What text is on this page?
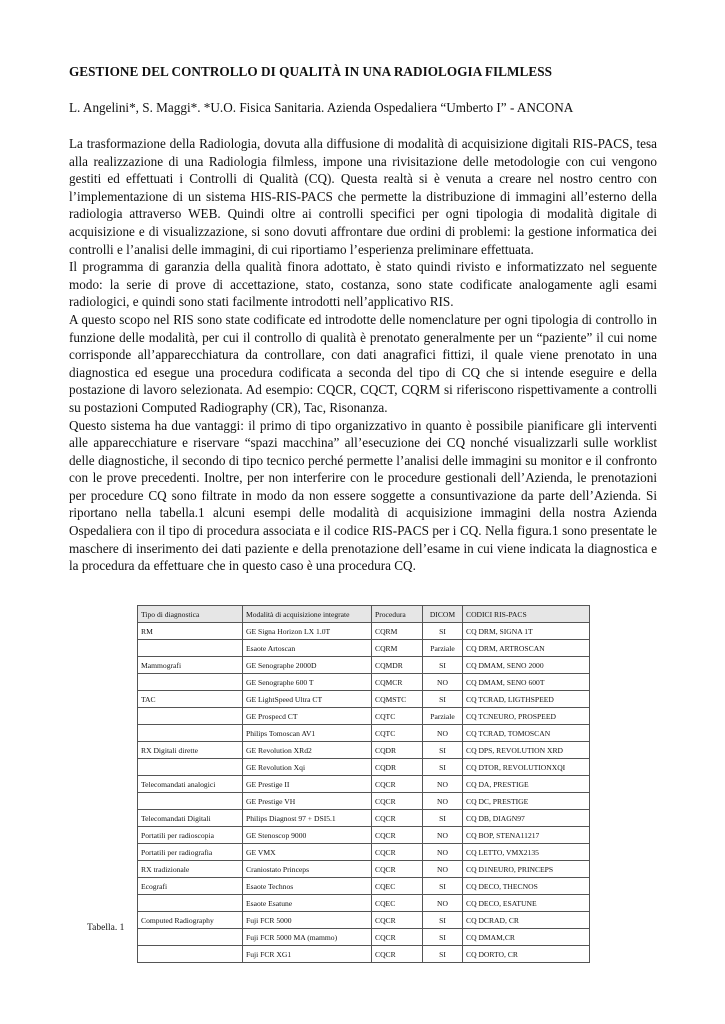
GESTIONE DEL CONTROLLO DI QUALITÀ IN UNA RADIOLOGIA FILMLESS
L. Angelini*, S. Maggi*. *U.O. Fisica Sanitaria. Azienda Ospedaliera “Umberto I” - ANCONA

La trasformazione della Radiologia, dovuta alla diffusione di modalità di acquisizione digitali RIS-PACS, tesa alla realizzazione di una Radiologia filmless, impone una rivisitazione delle metodologie con cui vengono gestiti ed effettuati i Controlli di Qualità (CQ). Questa realtà si è venuta a creare nel nostro centro con l’implementazione di un sistema HIS-RIS-PACS che permette la distribuzione di immagini all’esterno della radiologia attraverso WEB. Quindi oltre ai controlli specifici per ogni tipologia di modalità digitale di acquisizione e di visualizzazione, si sono dovuti affrontare due ordini di problemi: la gestione informatica dei controlli e l’analisi delle immagini, di cui riportiamo l’esperienza preliminare effettuata.

Il programma di garanzia della qualità finora adottato, è stato quindi rivisto e informatizzato nel seguente modo: la serie di prove di accettazione, stato, costanza, sono state codificate analogamente agli esami radiologici, e quindi sono stati facilmente introdotti nell’applicativo RIS.

A questo scopo nel RIS sono state codificate ed introdotte delle nomenclature per ogni tipologia di controllo in funzione delle modalità, per cui il controllo di qualità è prenotato generalmente per un “paziente” il cui nome corrisponde all’apparecchiatura da controllare, con dati anagrafici fittizi, il quale viene prenotato in una diagnostica ed esegue una procedura codificata a seconda del tipo di CQ che si intende eseguire e della postazione di lavoro selezionata. Ad esempio: CQCR, CQCT, CQRM si riferiscono rispettivamente a controlli su postazioni Computed Radiography (CR), Tac, Risonanza.

Questo sistema ha due vantaggi: il primo di tipo organizzativo in quanto è possibile pianificare gli interventi alle apparecchiature e riservare “spazi macchina” all’esecuzione dei CQ nonché visualizzarli sulle worklist delle diagnostiche, il secondo di tipo tecnico perché permette l’analisi delle immagini su monitor e il confronto con le prove precedenti. Inoltre, per non interferire con le procedure gestionali dell’Azienda, le prenotazioni per procedure CQ sono filtrate in modo da non essere soggette a consuntivazione da parte dell’Azienda. Si riportano nella tabella.1 alcuni esempi delle modalità di acquisizione immagini della nostra Azienda Ospedaliera con il tipo di procedura associata e il codice RIS-PACS per i CQ. Nella figura.1 sono presentate le maschere di inserimento dei dati paziente e della prenotazione dell’esame in cui viene indicata la diagnostica e la procedura da effettuare che in questo caso è una procedura CQ.

Tipo di diagnostica	Modalità di acquisizione integrate	Procedura	DICOM	CODICI RIS-PACS
RM	GE Signa Horizon LX 1.0T	CQRM	SI	CQ DRM, SIGNA 1T
	Esaote Artoscan	CQRM	Parziale	CQ DRM, ARTROSCAN
Mammografi	GE Senographe 2000D	CQMDR	SI	CQ DMAM, SENO 2000
	GE Senographe 600 T	CQMCR	NO	CQ DMAM, SENO 600T
TAC	GE LightSpeed Ultra CT	CQMSTC	SI	CQ TCRAD, LIGTHSPEED
	GE Prospecd CT	CQTC	Parziale	CQ TCNEURO, PROSPEED
	Philips Tomoscan AV1	CQTC	NO	CQ TCRAD, TOMOSCAN
RX Digitali dirette	GE Revolution XRd2	CQDR	SI	CQ DPS, REVOLUTION XRD
	GE Revolution Xqi	CQDR	SI	CQ DTOR, REVOLUTIONXQI
Telecomandati analogici	GE Prestige II	CQCR	NO	CQ DA, PRESTIGE
	GE Prestige VH	CQCR	NO	CQ DC, PRESTIGE
Telecomandati Digitali	Philips Diagnost 97 + DSI5.1	CQCR	SI	CQ DB, DIAGN97
Portatili per radioscopia	GE Stenoscop 9000	CQCR	NO	CQ BOP, STENA11217
Portatili per radiografia	GE VMX	CQCR	NO	CQ LETTO, VMX2135
RX tradizionale	Craniostato Princeps	CQCR	NO	CQ D1NEURO, PRINCEPS
Ecografi	Esaote Technos	CQEC	SI	CQ DECO, THECNOS
	Esaote Esatune	CQEC	NO	CQ DECO, ESATUNE
Computed Radiography	Fuji FCR 5000	CQCR	SI	CQ DCRAD, CR
	Fuji FCR 5000 MA (mammo)	CQCR	SI	CQ DMAM,CR
	Fuji FCR XG1	CQCR	SI	CQ DORTO, CR
Tabella. 1
